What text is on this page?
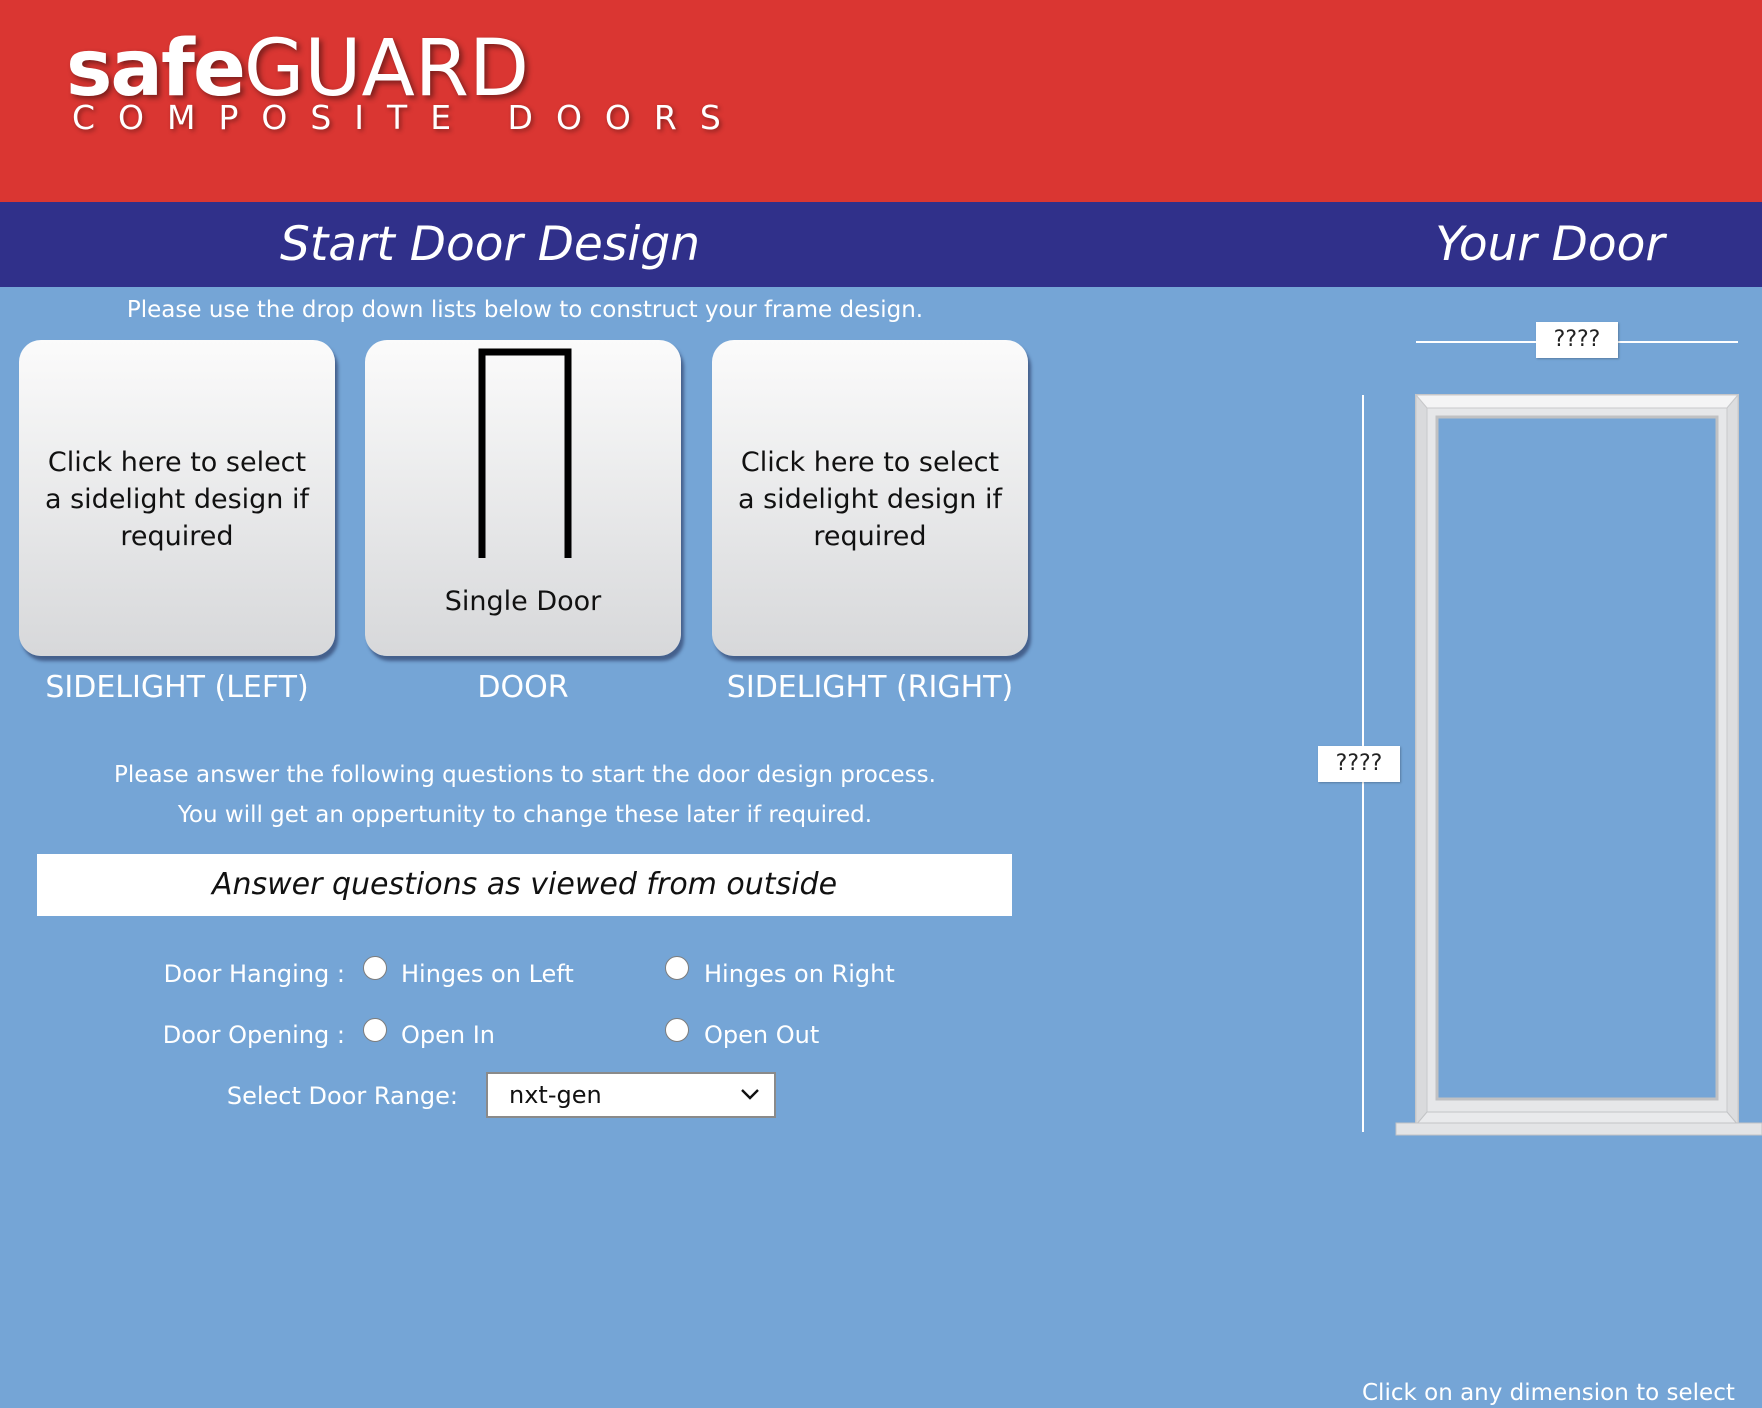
safeGUARD
COMPOSITE DOORS
Start Door Design	Your Door
Please use the drop down lists below to construct your frame design.
Click here to select a sidelight design if required
SIDELIGHT (LEFT)
Single Door
DOOR
Click here to select a sidelight design if required
SIDELIGHT (RIGHT)
Please answer the following questions to start the door design process.
You will get an oppertunity to change these later if required.
Answer questions as viewed from outside
Door Hanging : Hinges on Left	Hinges on Right
Door Opening : Open In	Open Out
Select Door Range:	nxt-gen
????
????
Click on any dimension to select
